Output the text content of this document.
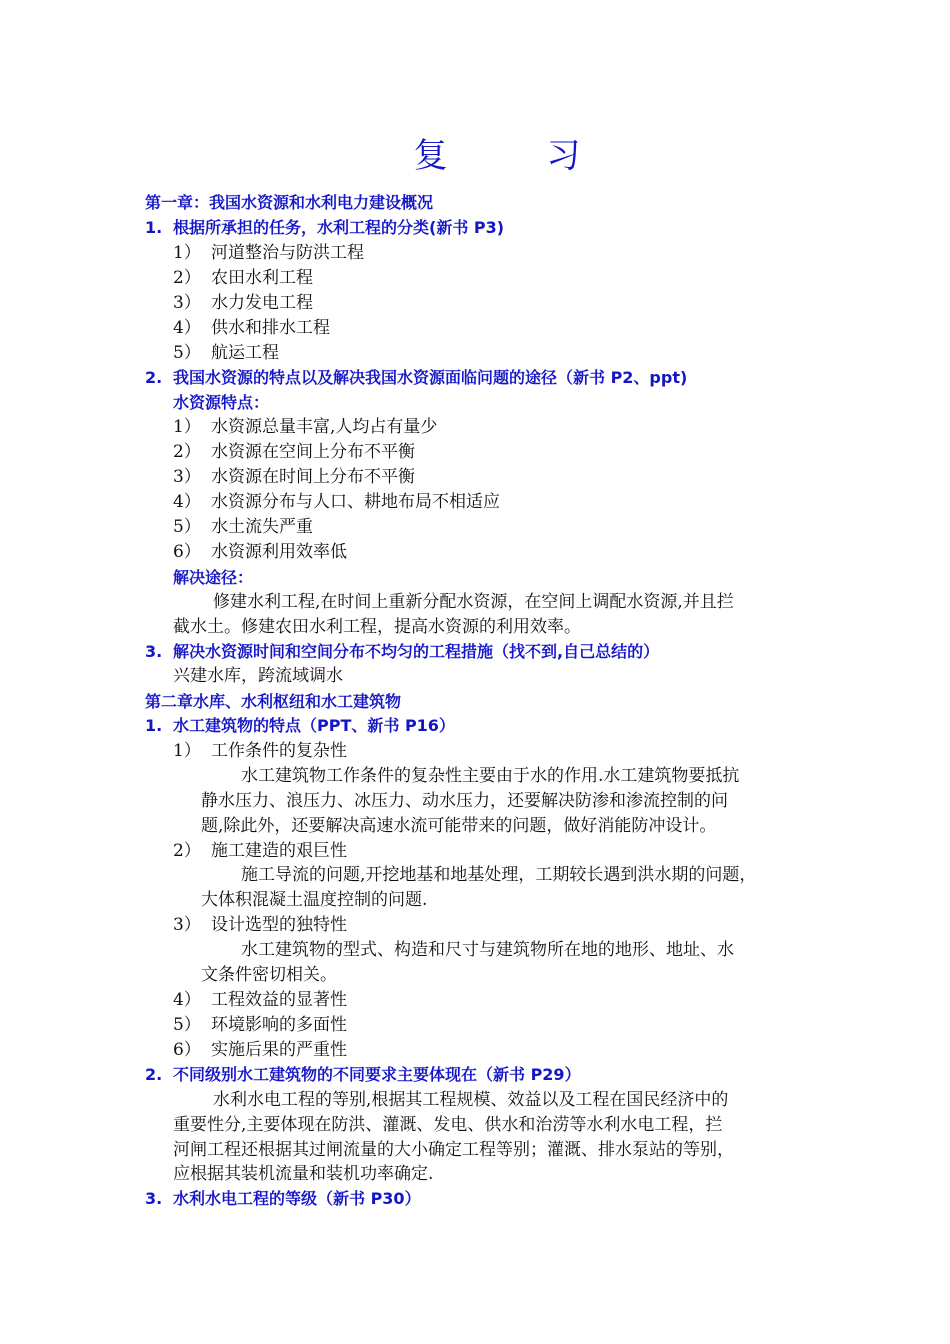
复 习
第一章：我国水资源和水利电力建设概况
1. 根据所承担的任务，水利工程的分类(新书 P3)
1） 河道整治与防洪工程
2） 农田水利工程
3） 水力发电工程
4） 供水和排水工程
5） 航运工程
2. 我国水资源的特点以及解决我国水资源面临问题的途径（新书 P2、ppt)
水资源特点：
1） 水资源总量丰富,人均占有量少
2） 水资源在空间上分布不平衡
3） 水资源在时间上分布不平衡
4） 水资源分布与人口、耕地布局不相适应
5） 水土流失严重
6） 水资源利用效率低
解决途径：
修建水利工程,在时间上重新分配水资源，在空间上调配水资源,并且拦
截水土。修建农田水利工程，提高水资源的利用效率。
3. 解决水资源时间和空间分布不均匀的工程措施（找不到,自己总结的）
兴建水库，跨流域调水
第二章水库、水利枢纽和水工建筑物
1. 水工建筑物的特点（PPT、新书 P16）
1） 工作条件的复杂性
水工建筑物工作条件的复杂性主要由于水的作用.水工建筑物要抵抗
静水压力、浪压力、冰压力、动水压力，还要解决防渗和渗流控制的问
题,除此外，还要解决高速水流可能带来的问题，做好消能防冲设计。
2） 施工建造的艰巨性
施工导流的问题,开挖地基和地基处理，工期较长遇到洪水期的问题，
大体积混凝土温度控制的问题.
3） 设计选型的独特性
水工建筑物的型式、构造和尺寸与建筑物所在地的地形、地址、水
文条件密切相关。
4） 工程效益的显著性
5） 环境影响的多面性
6） 实施后果的严重性
2. 不同级别水工建筑物的不同要求主要体现在（新书 P29）
水利水电工程的等别,根据其工程规模、效益以及工程在国民经济中的
重要性分,主要体现在防洪、灌溉、发电、供水和治涝等水利水电工程，拦
河闸工程还根据其过闸流量的大小确定工程等别；灌溉、排水泵站的等别，
应根据其装机流量和装机功率确定.
3. 水利水电工程的等级（新书 P30）
